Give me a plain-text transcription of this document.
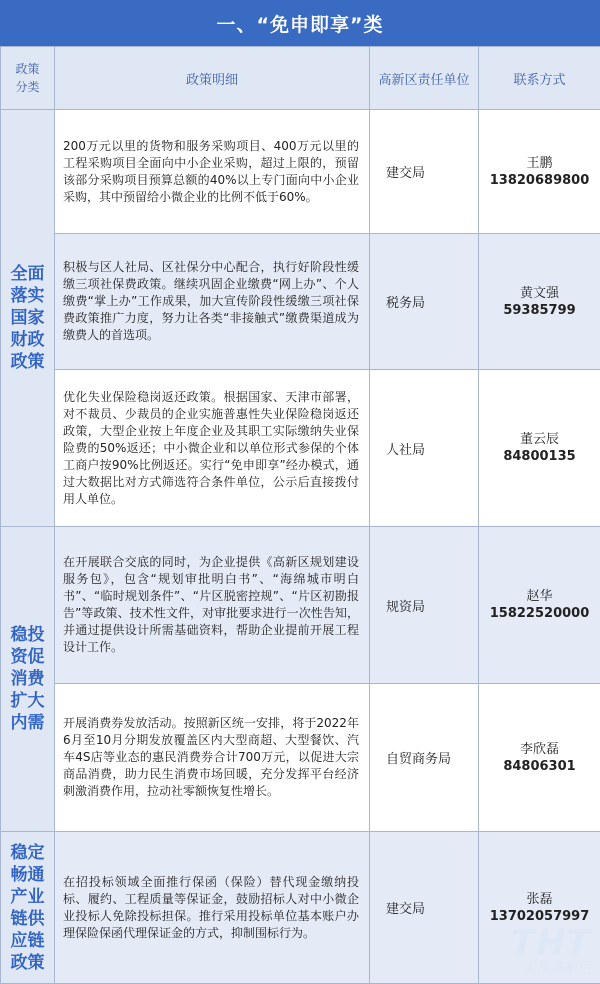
一、“免申即享”类
政策分类	政策明细	高新区责任单位	联系方式
全面落实国家财政政策	200万元以里的货物和服务采购项目、400万元以里的工程采购项目全面向中小企业采购，超过上限的，预留该部分采购项目预算总额的40%以上专门面向中小企业采购，其中预留给小微企业的比例不低于60%。	建交局	王鹏
13820689800

	积极与区人社局、区社保分中心配合，执行好阶段性缓缴三项社保费政策。继续巩固企业缴费“网上办”、个人缴费“掌上办”工作成果，加大宣传阶段性缓缴三项社保费政策推广力度，努力让各类“非接触式”缴费渠道成为缴费人的首选项。	税务局	黄文强
59385799

	优化失业保险稳岗返还政策。根据国家、天津市部署，对不裁员、少裁员的企业实施普惠性失业保险稳岗返还政策，大型企业按上年度企业及其职工实际缴纳失业保险费的50%返还；中小微企业和以单位形式参保的个体工商户按90%比例返还。实行“免申即享”经办模式，通过大数据比对方式筛选符合条件单位，公示后直接拨付用人单位。	人社局	董云辰
84800135

稳投资促消费扩大内需	在开展联合交底的同时，为企业提供《高新区规划建设服务包》，包含“规划审批明白书”、“海绵城市明白书”、“临时规划条件”、“片区脱密控规”、“片区初勘报告”等政策、技术性文件，对审批要求进行一次性告知，并通过提供设计所需基础资料，帮助企业提前开展工程设计工作。	规资局	赵华
15822520000

	开展消费券发放活动。按照新区统一安排，将于2022年6月至10月分期发放覆盖区内大型商超、大型餐饮、汽车4S店等业态的惠民消费券合计700万元，以促进大宗商品消费，助力民生消费市场回暖，充分发挥平台经济刺激消费作用，拉动社零额恢复性增长。	自贸商务局	李欣磊
84806301

稳定畅通产业链供应链政策	在招投标领域全面推行保函（保险）替代现金缴纳投标、履约、工程质量等保证金，鼓励招标人对中小微企业投标人免除投标担保。推行采用投标单位基本账户办理保险保函代理保证金的方式，抑制围标行为。	建交局	张磊
13702057997
THT
天津高新区
